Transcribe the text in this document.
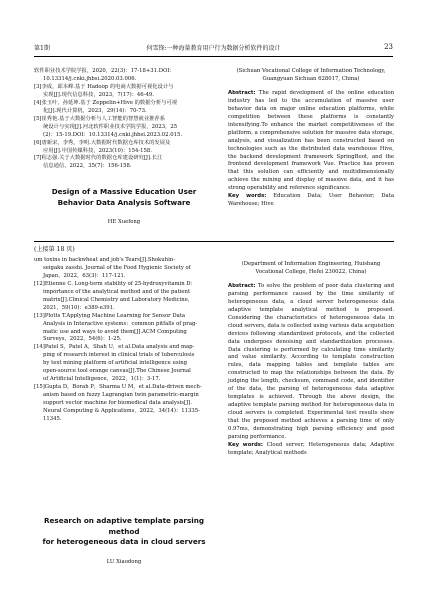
第1期	何雪锋:一种海量教育用户行为数据分析软件的设计	23

软件职业技术学院学报，2020，22(3)：17-18+31.DOI：

10.13314/j.cnki.jhbsi.2020.03.006.

[3]李成，邱本峰.基于 Hadoop 的电商大数据可视化设计与

实现[J].现代信息科技，2023，7(17)：46-49.

[4]张玉叶，孙延坤.基于 Zeppelin+Hive 的数据分析与可视

化[J].现代计算机，2023，29(14)：70-73.

[5]崔秀艳.基于大数据分析与人工智能的智慧就业推荐系

统设计与实现[J].河北软件职业技术学院学报，2023，25

(2)：15-19.DOI：10.13314/j.cnki.jhbsi.2023.02.015.

[6]唐新宋，李秀，李明.大数据时代数据仓库技术的发展及

应用[J].中国传媒科技，2023(10)：154-158.

[7]程志强.关于大数据时代的数据仓库建设研究[J].长江

信息通信，2022，35(7)：156-158.

Design of a Massive Education User
Behavior Data Analysis Software

HE Xuefeng

(Sichuan Vocational College of Information Technology,
Guangyuan Sichuan 628017, China)

Abstract: The rapid development of the online education industry has led to the accumulation of massive user behavior data on major online education platforms, while competition between these platforms is constantly intensifying.To enhance the market competitiveness of the platform, a comprehensive solution for massive data storage, analysis, and visualization has been constructed based on technologies such as the distributed data warehouse Hive, the backend development framework SpringBoot, and the frontend development framework Vue. Practice has proven that this solution can efficiently and multidimensionally achieve the mining and display of massive data, and it has strong operability and reference significance.

Key words: Education Data; User Behavior; Data Warehouse; Hive

(上接第 18 页)

um toxins in backwheat and job's Tears[J].Shokuhin-

seigaku zasshi. Journal of the Food Hygienic Society of

Japan，2022，63(3)：117-121.

[12]Etienne C. Long-term stability of 25-hydroxyvitamin D：

importance of the analytical method and of the patient

matrix[J].Clinical Chemistry and Laboratory Medicine，

2021，59(10)：e389-e391.

[13]Plotts T.Applying Machine Learning for Sensor Data

Analysis in Interactive systems：common pitfalls of prag-

matic use and ways to avoid them[J].ACM Computing

Surveys，2022，54(6)：1-25.

[14]Patel S，Patel A，Shah U，et al.Data analysis and map-

ping of research interest in clinical trials of tuberculosis

by text mining platform of artificial intelligence using

open-source tool orange canvas[J].The Chinese Journal

of Artificial Intelligence，2022，1(1)：3-17.

[15]Gupta D，Borah P，Sharma U M，et al.Data-driven mech-

anism based on fuzzy Lagrangian twin parametric-margin

support vector machine for biomedical data analysis[J].

Neural Computing & Applications，2022，34(14)：11335-

11345.

Research on adaptive template parsing method
for heterogeneous data in cloud servers

LU Xiaodong

(Department of Information Engineering, Huishang
Vocational College, Hefei 230022, China)

Abstract: To solve the problem of poor data clustering and parsing performance caused by the time similarity of heterogeneous data, a cloud server heterogeneous data adaptive template analytical method is proposed. Considering the characteristics of heterogeneous data in cloud servers, data is collected using various data acquisition devices following standardized protocols, and the collected data undergoes denoising and standardization processes. Data clustering is performed by calculating time similarity and value similarity. According to template construction rules, data mapping tables and template tables are constructed to map the relationships between the data. By judging the length, checksum, command code, and identifier of the data, the parsing of heterogeneous data adaptive templates is achieved. Through the above design, the adaptive template parsing method for heterogeneous data in cloud servers is completed. Experimental test results show that the proposed method achieves a parsing time of only 0.97ms, demonstrating high parsing efficiency and good parsing performance.

Key words: Cloud server; Heterogeneous data; Adaptive template; Analytical methods
